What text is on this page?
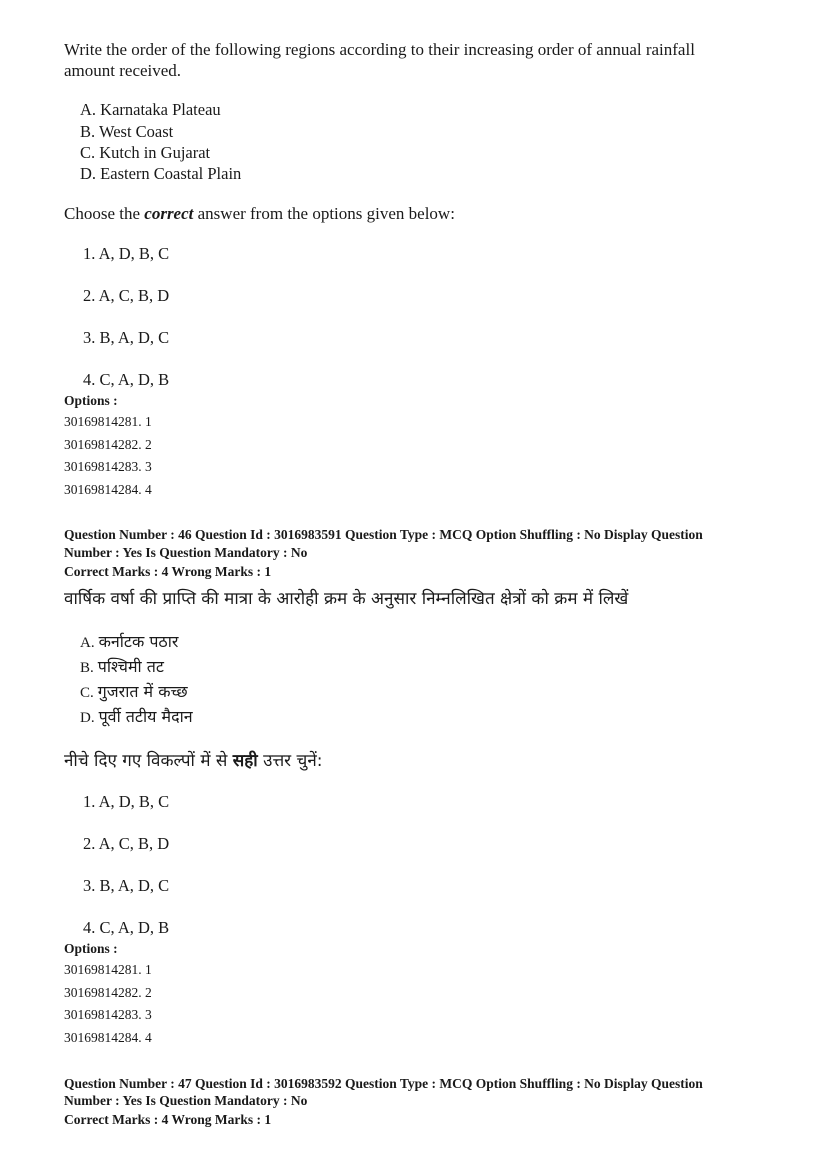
Write the order of the following regions according to their increasing order of annual rainfall
amount received.
A. Karnataka Plateau
B. West Coast
C. Kutch in Gujarat
D. Eastern Coastal Plain
Choose the correct answer from the options given below:
1. A, D, B, C
2. A, C, B, D
3. B, A, D, C
4. C, A, D, B
Options :
30169814281. 1
30169814282. 2
30169814283. 3
30169814284. 4
Question Number : 46 Question Id : 3016983591 Question Type : MCQ Option Shuffling : No Display Question
Number : Yes Is Question Mandatory : No
Correct Marks : 4 Wrong Marks : 1
वार्षिक वर्षा की प्राप्ति की मात्रा के आरोही क्रम के अनुसार निम्नलिखित क्षेत्रों को क्रम में लिखें
A. कर्नाटक पठार
B. पश्चिमी तट
C. गुजरात में कच्छ
D. पूर्वी तटीय मैदान
नीचे दिए गए विकल्पों में से सही उत्तर चुनें:
1. A, D, B, C
2. A, C, B, D
3. B, A, D, C
4. C, A, D, B
Options :
30169814281. 1
30169814282. 2
30169814283. 3
30169814284. 4
Question Number : 47 Question Id : 3016983592 Question Type : MCQ Option Shuffling : No Display Question
Number : Yes Is Question Mandatory : No
Correct Marks : 4 Wrong Marks : 1
